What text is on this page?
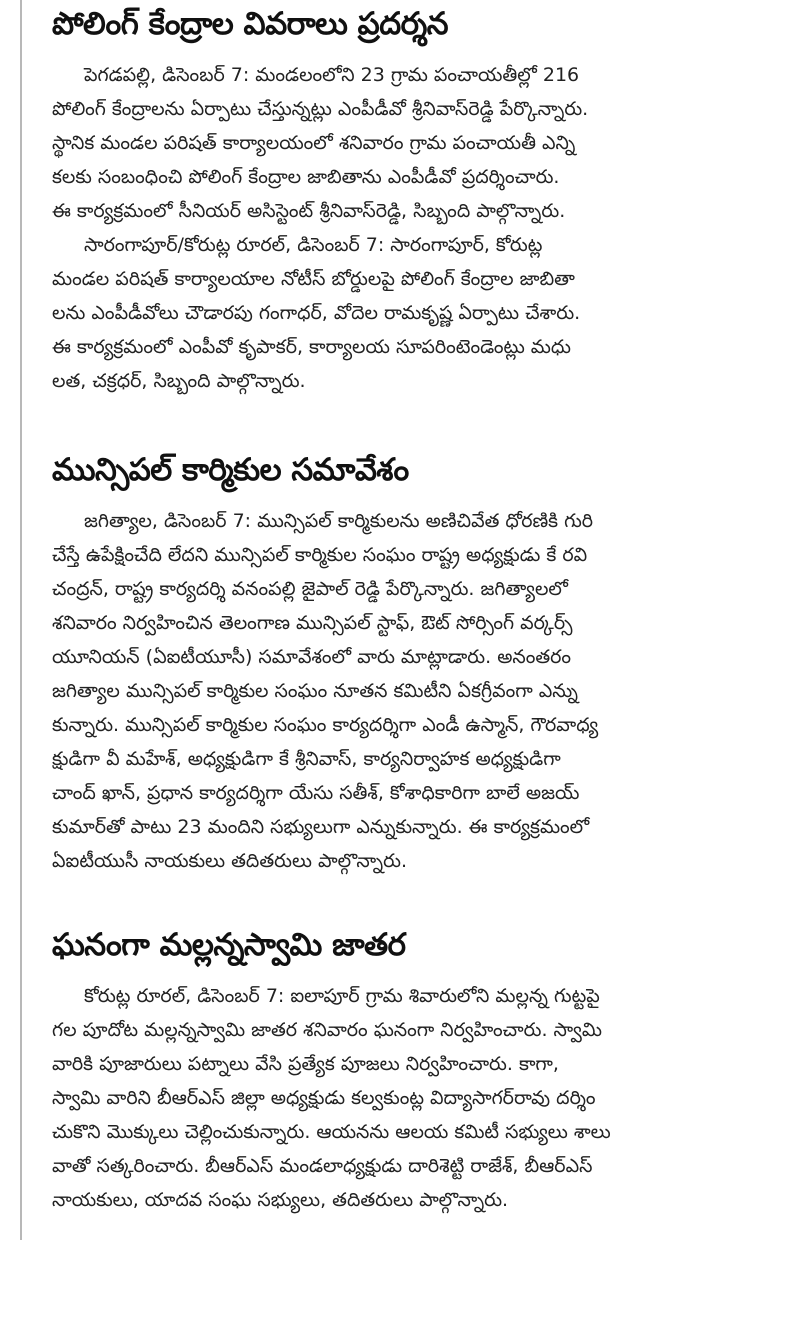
పోలింగ్ కేంద్రాల వివరాలు ప్రదర్శన

పెగడపల్లి, డిసెంబర్ 7: మండలంలోని 23 గ్రామ పంచాయతీల్లో 216
పోలింగ్ కేంద్రాలను ఏర్పాటు చేస్తున్నట్లు ఎంపీడీవో శ్రీనివాస్‌రెడ్డి పేర్కొన్నారు.
స్థానిక మండల పరిషత్ కార్యాలయంలో శనివారం గ్రామ పంచాయతీ ఎన్ని
కలకు సంబంధించి పోలింగ్ కేంద్రాల జాబితాను ఎంపీడీవో ప్రదర్శించారు.
ఈ కార్యక్రమంలో సీనియర్ అసిస్టెంట్ శ్రీనివాస్‌రెడ్డి, సిబ్బంది పాల్గొన్నారు.
సారంగాపూర్/కోరుట్ల రూరల్, డిసెంబర్ 7: సారంగాపూర్, కోరుట్ల
మండల పరిషత్ కార్యాలయాల నోటీస్ బోర్డులపై పోలింగ్ కేంద్రాల జాబితా
లను ఎంపీడీవోలు చౌడారపు గంగాధర్, వోదెల రామకృష్ణ ఏర్పాటు చేశారు.
ఈ కార్యక్రమంలో ఎంపీవో కృపాకర్, కార్యాలయ సూపరింటెండెంట్లు మధు
లత, చక్రధర్, సిబ్బంది పాల్గొన్నారు.

మున్సిపల్ కార్మికుల సమావేశం

జగిత్యాల, డిసెంబర్ 7: మున్సిపల్ కార్మికులను అణిచివేత ధోరణికి గురి
చేస్తే ఉపేక్షించేది లేదని మున్సిపల్ కార్మికుల సంఘం రాష్ట్ర అధ్యక్షుడు కే రవి
చంద్రన్, రాష్ట్ర కార్యదర్శి వనంపల్లి జైపాల్ రెడ్డి పేర్కొన్నారు. జగిత్యాలలో
శనివారం నిర్వహించిన తెలంగాణ మున్సిపల్ స్టాఫ్, ఔట్ సోర్సింగ్ వర్కర్స్
యూనియన్ (ఏఐటీయూసీ) సమావేశంలో వారు మాట్లాడారు. అనంతరం
జగిత్యాల మున్సిపల్ కార్మికుల సంఘం నూతన కమిటీని ఏకగ్రీవంగా ఎన్ను
కున్నారు. మున్సిపల్ కార్మికుల సంఘం కార్యదర్శిగా ఎండీ ఉస్మాన్, గౌరవాధ్య
క్షుడిగా వీ మహేశ్, అధ్యక్షుడిగా కే శ్రీనివాస్, కార్యనిర్వాహక అధ్యక్షుడిగా
చాంద్ ఖాన్, ప్రధాన కార్యదర్శిగా యేసు సతీశ్, కోశాధికారిగా బాలే అజయ్
కుమార్‌తో పాటు 23 మందిని సభ్యులుగా ఎన్నుకున్నారు. ఈ కార్యక్రమంలో
ఏఐటీయుసీ నాయకులు తదితరులు పాల్గొన్నారు.

ఘనంగా మల్లన్నస్వామి జాతర

కోరుట్ల రూరల్, డిసెంబర్ 7: ఐలాపూర్ గ్రామ శివారులోని మల్లన్న గుట్టపై
గల పూదోట మల్లన్నస్వామి జాతర శనివారం ఘనంగా నిర్వహించారు. స్వామి
వారికి పూజారులు పట్నాలు వేసి ప్రత్యేక పూజలు నిర్వహించారు. కాగా,
స్వామి వారిని బీఆర్ఎస్ జిల్లా అధ్యక్షుడు కల్వకుంట్ల విద్యాసాగర్‌రావు దర్శిం
చుకొని మొక్కులు చెల్లించుకున్నారు. ఆయనను ఆలయ కమిటీ సభ్యులు శాలు
వాతో సత్కరించారు. బీఆర్ఎస్ మండలాధ్యక్షుడు దారిశెట్టి రాజేశ్, బీఆర్ఎస్
నాయకులు, యాదవ సంఘ సభ్యులు, తదితరులు పాల్గొన్నారు.
